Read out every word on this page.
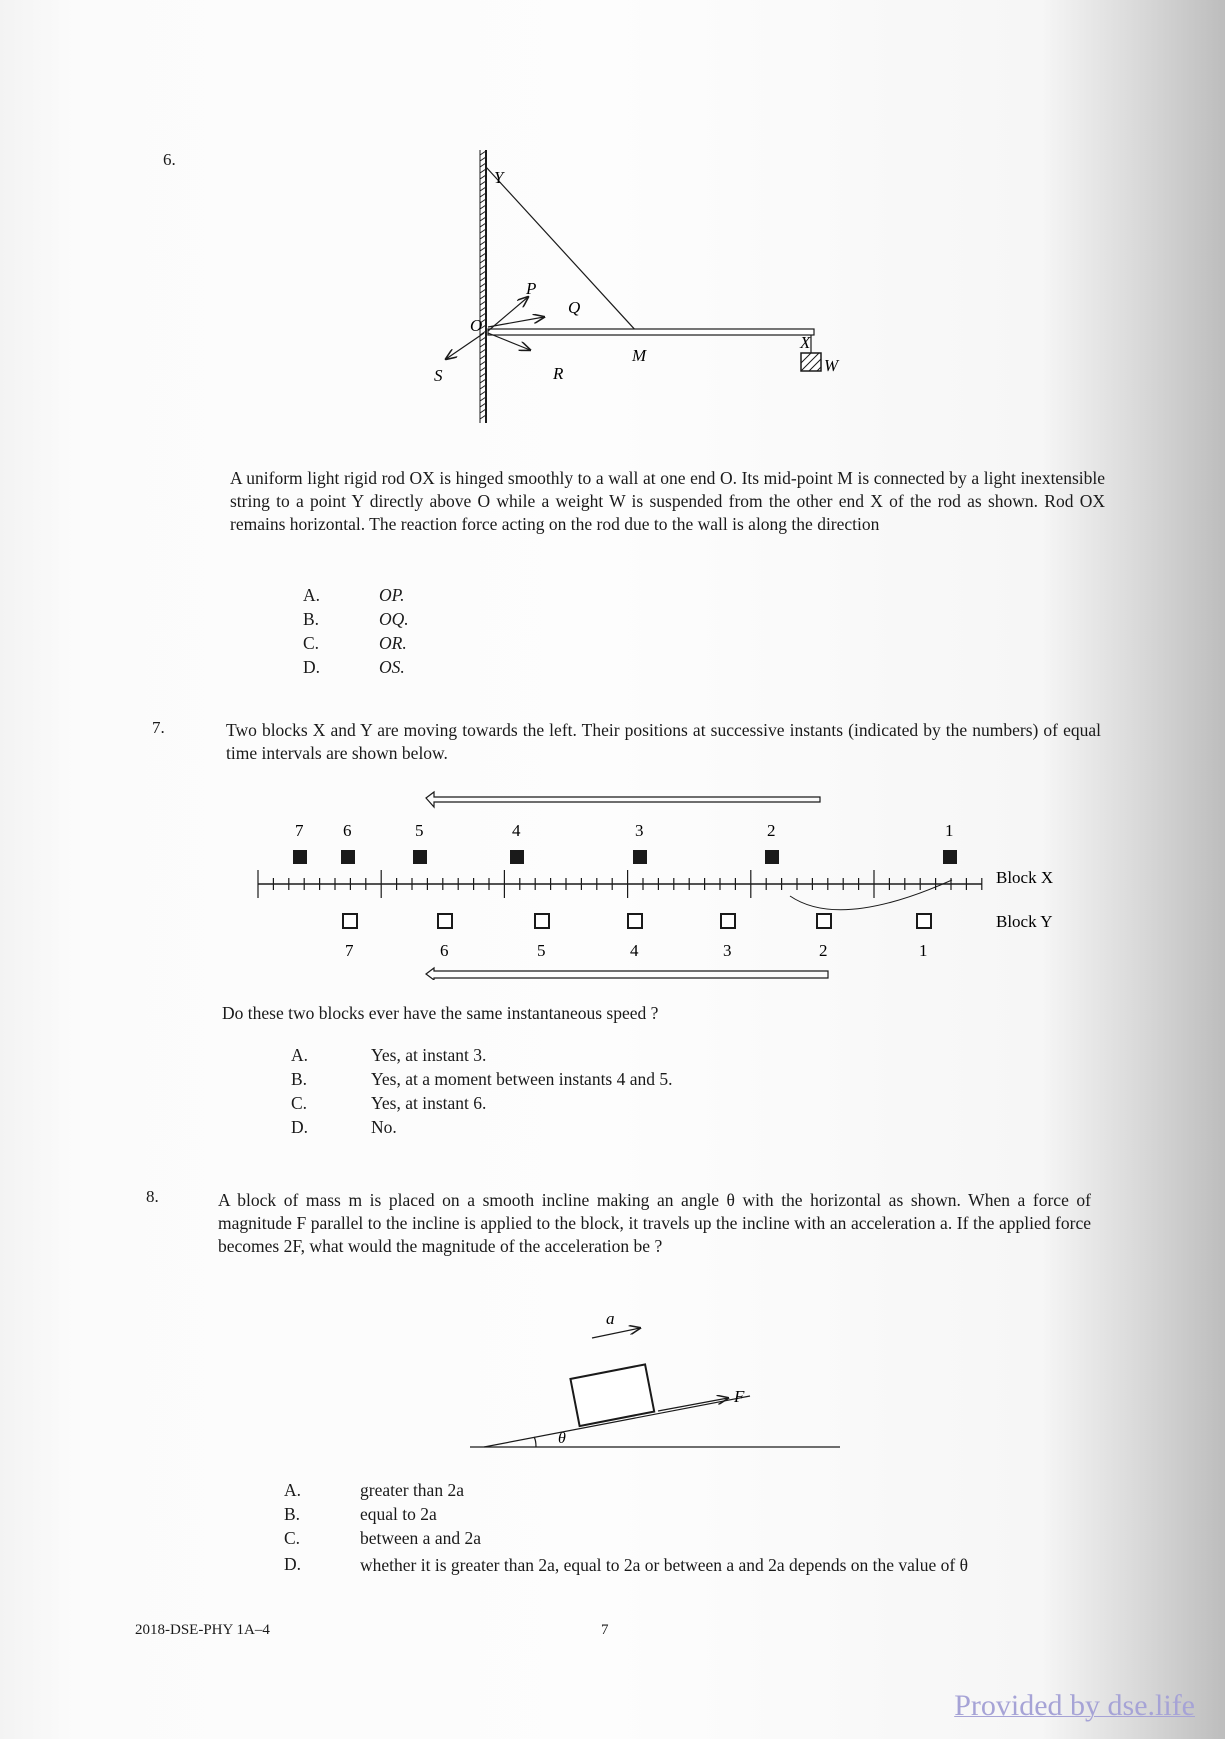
6.
Y
P
Q
O
M
X
S	R	W
A uniform light rigid rod OX is hinged smoothly to a wall at one end O. Its mid-point M is connected by a light inextensible string to a point Y directly above O while a weight W is suspended from the other end X of the rod as shown. Rod OX remains horizontal. The reaction force acting on the rod due to the wall is along the direction
A.	OP.
B.	OQ.
C.	OR.
D.	OS.
7.	Two blocks X and Y are moving towards the left. Their positions at successive instants (indicated by the numbers) of equal time intervals are shown below.
7 6	5	4	3	2	1
7	6	5	4	3	2	1
Block X
Block Y
Do these two blocks ever have the same instantaneous speed ?
A.	Yes, at instant 3.
B.	Yes, at a moment between instants 4 and 5.
C.	Yes, at instant 6.
D.	No.
8.	A block of mass m is placed on a smooth incline making an angle θ with the horizontal as shown. When a force of magnitude F parallel to the incline is applied to the block, it travels up the incline with an acceleration a. If the applied force becomes 2F, what would the magnitude of the acceleration be ?
F
a
θ
A.	greater than 2a
B.	equal to 2a
C.	between a and 2a
D.	whether it is greater than 2a, equal to 2a or between a and 2a depends on the value of θ
2018-DSE-PHY 1A–4	7
Provided by dse.life
